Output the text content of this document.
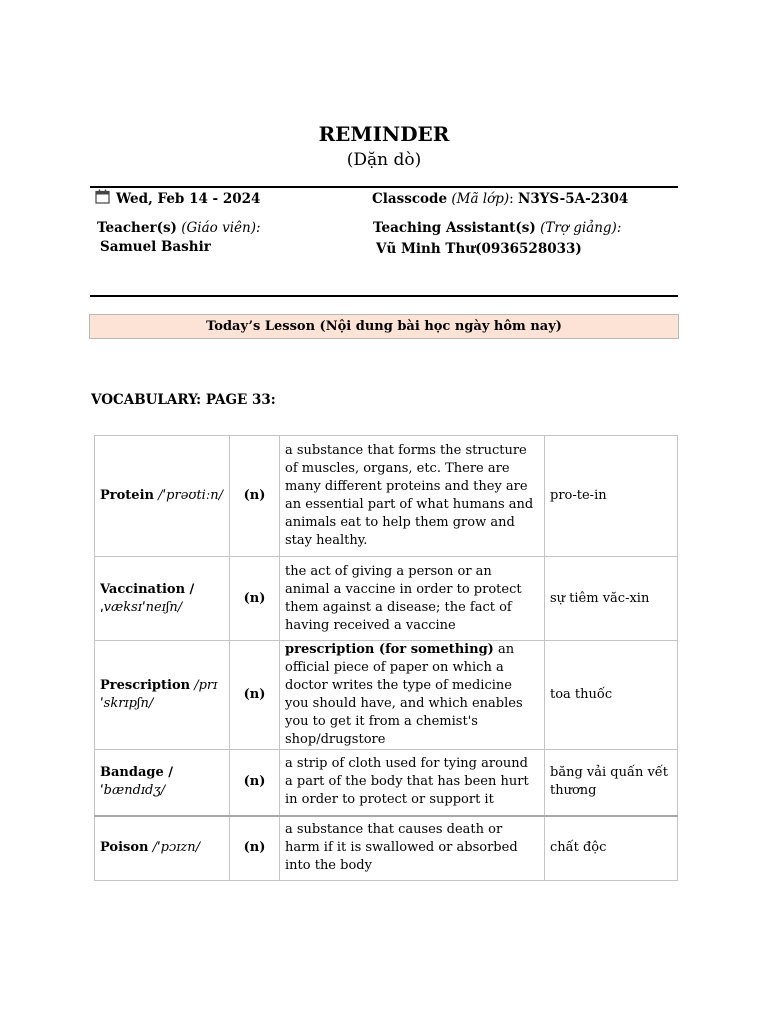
REMINDER
(Dặn dò)
Wed, Feb 14 - 2024	Classcode (Mã lớp): N3YS-5A-2304
Teacher(s) (Giáo viên):
Samuel Bashir
Teaching Assistant(s) (Trợ giảng):
Vũ Minh Thư(0936528033)
Today’s Lesson (Nội dung bài học ngày hôm nay)
VOCABULARY: PAGE 33:
Protein /ˈprəʊtiːn/	(n)	a substance that forms the structure of muscles, organs, etc. There are many different proteins and they are an essential part of what humans and animals eat to help them grow and stay healthy.	pro-te-in
Vaccination / ˌvæksɪˈneɪʃn/	(n)	the act of giving a person or an animal a vaccine in order to protect them against a disease; the fact of having received a vaccine	sự tiêm văc-xin
Prescription /prɪ ˈskrɪpʃn/	(n)	prescription (for something) an official piece of paper on which a doctor writes the type of medicine you should have, and which enables you to get it from a chemist's shop/drugstore	toa thuốc
Bandage / ˈbændɪdʒ/	(n)	a strip of cloth used for tying around a part of the body that has been hurt in order to protect or support it	băng vải quấn vết thương
Poison /ˈpɔɪzn/	(n)	a substance that causes death or harm if it is swallowed or absorbed into the body	chất độc
